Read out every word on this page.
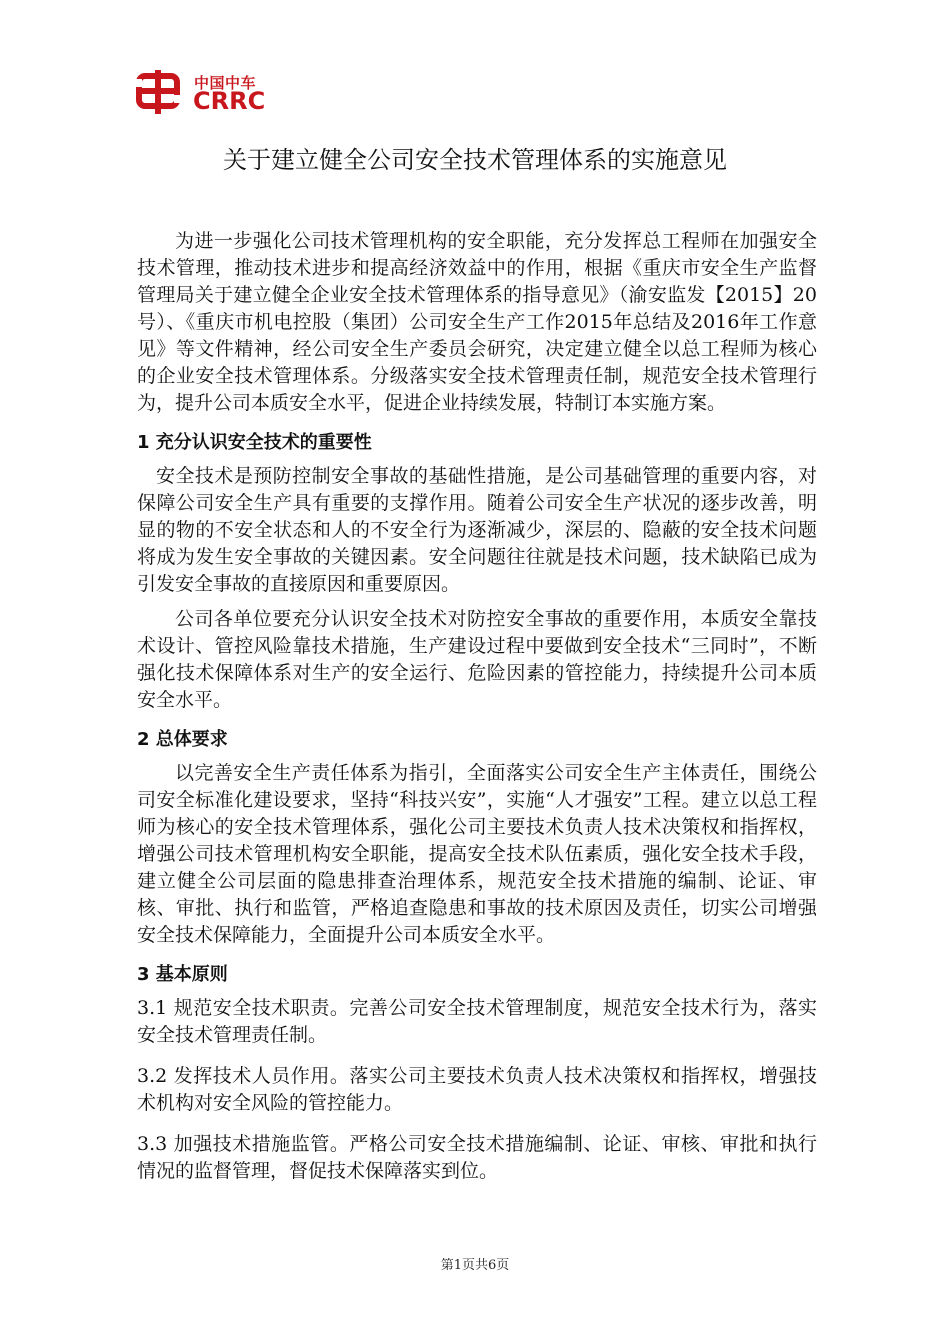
中国中车
CRRC
关于建立健全公司安全技术管理体系的实施意见

为进一步强化公司技术管理机构的安全职能，充分发挥总工程师在加强安全技术管理，推动技术进步和提高经济效益中的作用，根据《重庆市安全生产监督管理局关于建立健全企业安全技术管理体系的指导意见》（渝安监发【2015】20号）、《重庆市机电控股（集团）公司安全生产工作2015年总结及2016年工作意见》等文件精神，经公司安全生产委员会研究，决定建立健全以总工程师为核心的企业安全技术管理体系。分级落实安全技术管理责任制，规范安全技术管理行为，提升公司本质安全水平，促进企业持续发展，特制订本实施方案。

1 充分认识安全技术的重要性

安全技术是预防控制安全事故的基础性措施，是公司基础管理的重要内容，对保障公司安全生产具有重要的支撑作用。随着公司安全生产状况的逐步改善，明显的物的不安全状态和人的不安全行为逐渐减少，深层的、隐蔽的安全技术问题将成为发生安全事故的关键因素。安全问题往往就是技术问题，技术缺陷已成为引发安全事故的直接原因和重要原因。

公司各单位要充分认识安全技术对防控安全事故的重要作用，本质安全靠技术设计、管控风险靠技术措施，生产建设过程中要做到安全技术“三同时”，不断强化技术保障体系对生产的安全运行、危险因素的管控能力，持续提升公司本质安全水平。

2 总体要求

以完善安全生产责任体系为指引，全面落实公司安全生产主体责任，围绕公司安全标准化建设要求，坚持“科技兴安”，实施“人才强安”工程。建立以总工程师为核心的安全技术管理体系，强化公司主要技术负责人技术决策权和指挥权，增强公司技术管理机构安全职能，提高安全技术队伍素质，强化安全技术手段，建立健全公司层面的隐患排查治理体系，规范安全技术措施的编制、论证、审核、审批、执行和监管，严格追查隐患和事故的技术原因及责任，切实公司增强安全技术保障能力，全面提升公司本质安全水平。

3 基本原则

3.1 规范安全技术职责。完善公司安全技术管理制度，规范安全技术行为，落实安全技术管理责任制。

3.2 发挥技术人员作用。落实公司主要技术负责人技术决策权和指挥权，增强技术机构对安全风险的管控能力。

3.3 加强技术措施监管。严格公司安全技术措施编制、论证、审核、审批和执行情况的监督管理，督促技术保障落实到位。

第1页共6页
